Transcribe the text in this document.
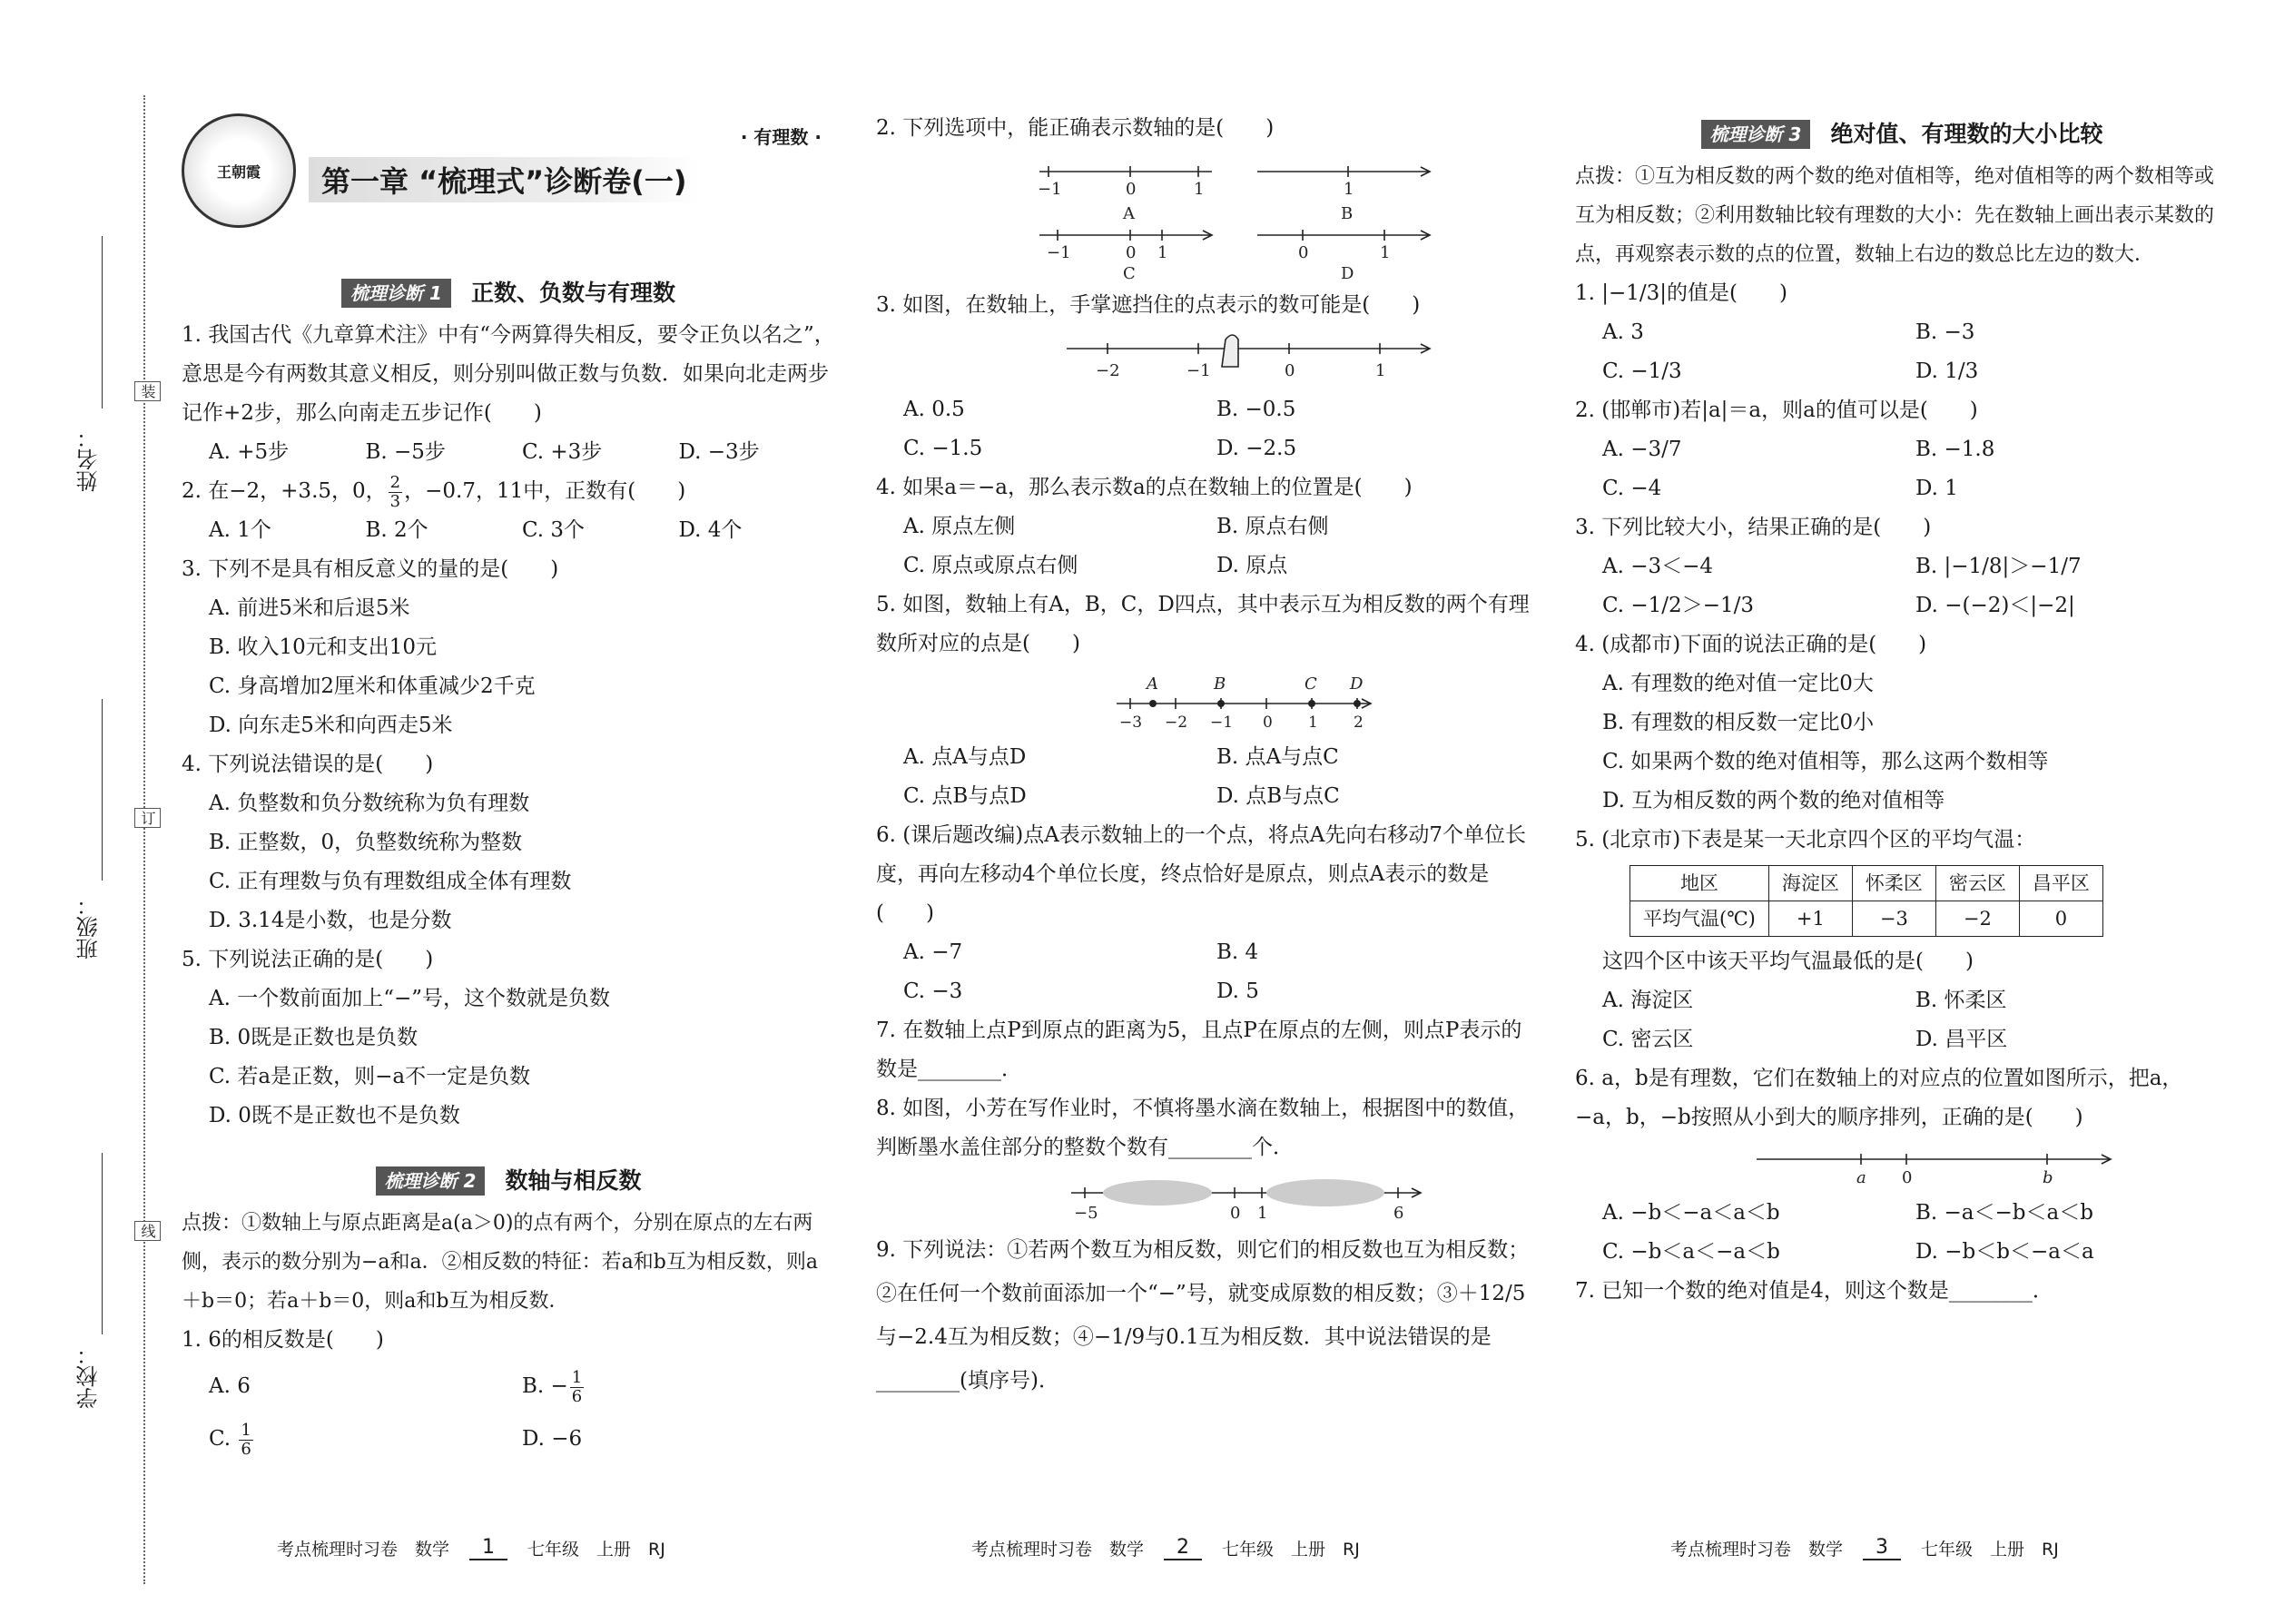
姓名：
班级：
学校：
装
订
线
王朝霞
· 有理数 ·
第一章 “梳理式”诊断卷(一)
梳理诊断 1	正数、负数与有理数

1. 我国古代《九章算术注》中有“今两算得失相反，要令正负以名之”，意思是今有两数其意义相反，则分别叫做正数与负数．如果向北走两步记作+2步，那么向南走五步记作(　　)

A. +5步	B. −5步	C. +3步	D. −3步

2. 在−2，+3.5，0， $\frac{2}{3}$ ，−0.7，11中，正数有(　　)

A. 1个	B. 2个	C. 3个	D. 4个

3. 下列不是具有相反意义的量的是(　　)

A. 前进5米和后退5米
B. 收入10元和支出10元
C. 身高增加2厘米和体重减少2千克
D. 向东走5米和向西走5米

4. 下列说法错误的是(　　)

A. 负整数和负分数统称为负有理数
B. 正整数，0，负整数统称为整数
C. 正有理数与负有理数组成全体有理数
D. 3.14是小数，也是分数

5. 下列说法正确的是(　　)

A. 一个数前面加上“−”号，这个数就是负数
B. 0既是正数也是负数
C. 若a是正数，则−a不一定是负数
D. 0既不是正数也不是负数
梳理诊断 2	数轴与相反数

点拨：①数轴上与原点距离是a(a＞0)的点有两个，分别在原点的左右两侧，表示的数分别为−a和a．②相反数的特征：若a和b互为相反数，则a＋b＝0；若a＋b＝0，则a和b互为相反数．

1. 6的相反数是(　　)

A. 6	B. − $\frac{1}{6}$
C. $\frac{1}{6}$	D. −6

2. 下列选项中，能正确表示数轴的是(　　)

−1	0	1	1
−1	0 1	0	1
A	B
C	D

3. 如图，在数轴上，手掌遮挡住的点表示的数可能是(　　)

−2	−1	0	1
A. 0.5	B. −0.5
C. −1.5	D. −2.5

4. 如果a＝−a，那么表示数a的点在数轴上的位置是(　　)

A. 原点左侧	B. 原点右侧
C. 原点或原点右侧	D. 原点

5. 如图，数轴上有A，B，C，D四点，其中表示互为相反数的两个有理数所对应的点是(　　)

A	B	C D
−3 −2 −1 0 1 2
A. 点A与点D	B. 点A与点C
C. 点B与点D	D. 点B与点C

6. (课后题改编)点A表示数轴上的一个点，将点A先向右移动7个单位长度，再向左移动4个单位长度，终点恰好是原点，则点A表示的数是(　　)

A. −7	B. 4
C. −3	D. 5

7. 在数轴上点P到原点的距离为5，且点P在原点的左侧，则点P表示的数是________．

8. 如图，小芳在写作业时，不慎将墨水滴在数轴上，根据图中的数值，判断墨水盖住部分的整数个数有________个．

−5	0 1	6

9. 下列说法：①若两个数互为相反数，则它们的相反数也互为相反数；②在任何一个数前面添加一个“−”号，就变成原数的相反数；③＋12/5与−2.4互为相反数；④−1/9与0.1互为相反数．其中说法错误的是________(填序号)．

梳理诊断 3	绝对值、有理数的大小比较

点拨：①互为相反数的两个数的绝对值相等，绝对值相等的两个数相等或互为相反数；②利用数轴比较有理数的大小：先在数轴上画出表示某数的点，再观察表示数的点的位置，数轴上右边的数总比左边的数大．

1. |−1/3|的值是(　　)

A. 3	B. −3
C. −1/3	D. 1/3

2. (邯郸市)若|a|＝a，则a的值可以是(　　)

A. −3/7	B. −1.8
C. −4	D. 1

3. 下列比较大小，结果正确的是(　　)

A. −3＜−4	B. |−1/8|＞−1/7
C. −1/2＞−1/3	D. −(−2)＜|−2|

4. (成都市)下面的说法正确的是(　　)

A. 有理数的绝对值一定比0大
B. 有理数的相反数一定比0小
C. 如果两个数的绝对值相等，那么这两个数相等
D. 互为相反数的两个数的绝对值相等

5. (北京市)下表是某一天北京四个区的平均气温：

地区	海淀区	怀柔区	密云区	昌平区
平均气温(℃)	+1	−3	−2	0

这四个区中该天平均气温最低的是(　　)

A. 海淀区	B. 怀柔区
C. 密云区	D. 昌平区

6. a，b是有理数，它们在数轴上的对应点的位置如图所示，把a，−a，b，−b按照从小到大的顺序排列，正确的是(　　)

a 0	b
A. −b＜−a＜a＜b	B. −a＜−b＜a＜b
C. −b＜a＜−a＜b	D. −b＜b＜−a＜a

7. 已知一个数的绝对值是4，则这个数是________．

考点梳理时习卷　数学	1	七年级　上册　RJ	考点梳理时习卷　数学	2	七年级　上册　RJ	考点梳理时习卷　数学	3	七年级　上册　RJ
